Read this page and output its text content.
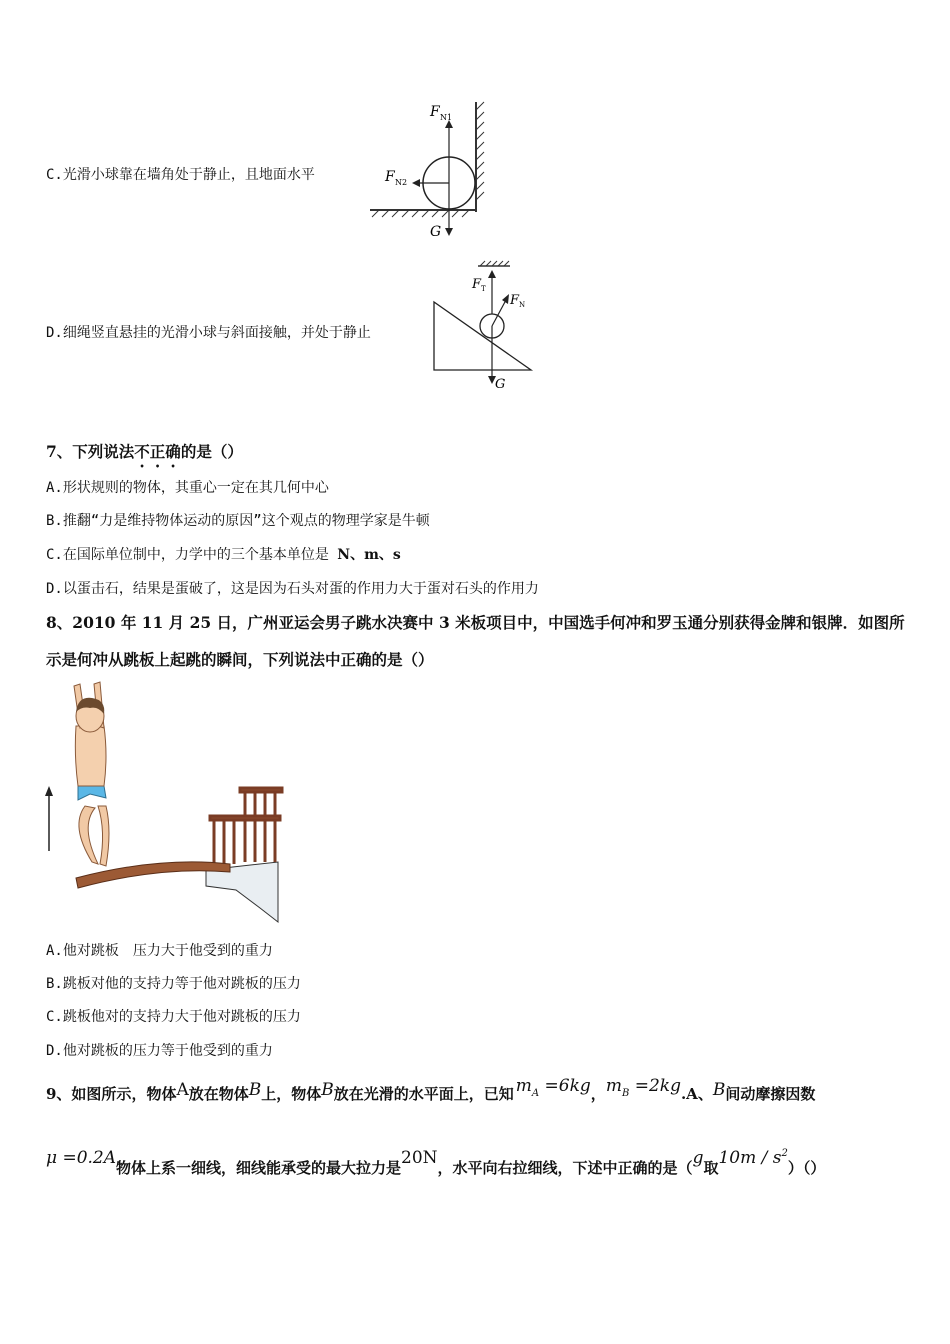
C.光滑小球靠在墙角处于静止，且地面水平
F N1
F N2
G
D.细绳竖直悬挂的光滑小球与斜面接触，并处于静止
F T
F N
G
7、下列说法不正确的是（）
A.形状规则的物体，其重心一定在其几何中心
B.推翻“力是维持物体运动的原因”这个观点的物理学家是牛顿
C.在国际单位制中，力学中的三个基本单位是 N、m、s
D.以蛋击石，结果是蛋破了，这是因为石头对蛋的作用力大于蛋对石头的作用力
8、2010 年 11 月 25 日，广州亚运会男子跳水决赛中 3 米板项目中，中国选手何冲和罗玉通分别获得金牌和银牌．如图所
示是何冲从跳板上起跳的瞬间，下列说法中正确的是（）
A.他对跳板　压力大于他受到的重力
B.跳板对他的支持力等于他对跳板的压力
C.跳板他对的支持力大于他对跳板的压力
D.他对跳板的压力等于他受到的重力
9、如图所示，物体A放在物体B上，物体B放在光滑的水平面上，已知 $m_A =6kg$，$m_B =2kg.A$、B间动摩擦因数
μ =0.2A物体上系一细线，细线能承受的最大拉力是20N，水平向右拉细线，下述中正确的是（g取$10m / s^2)()$
